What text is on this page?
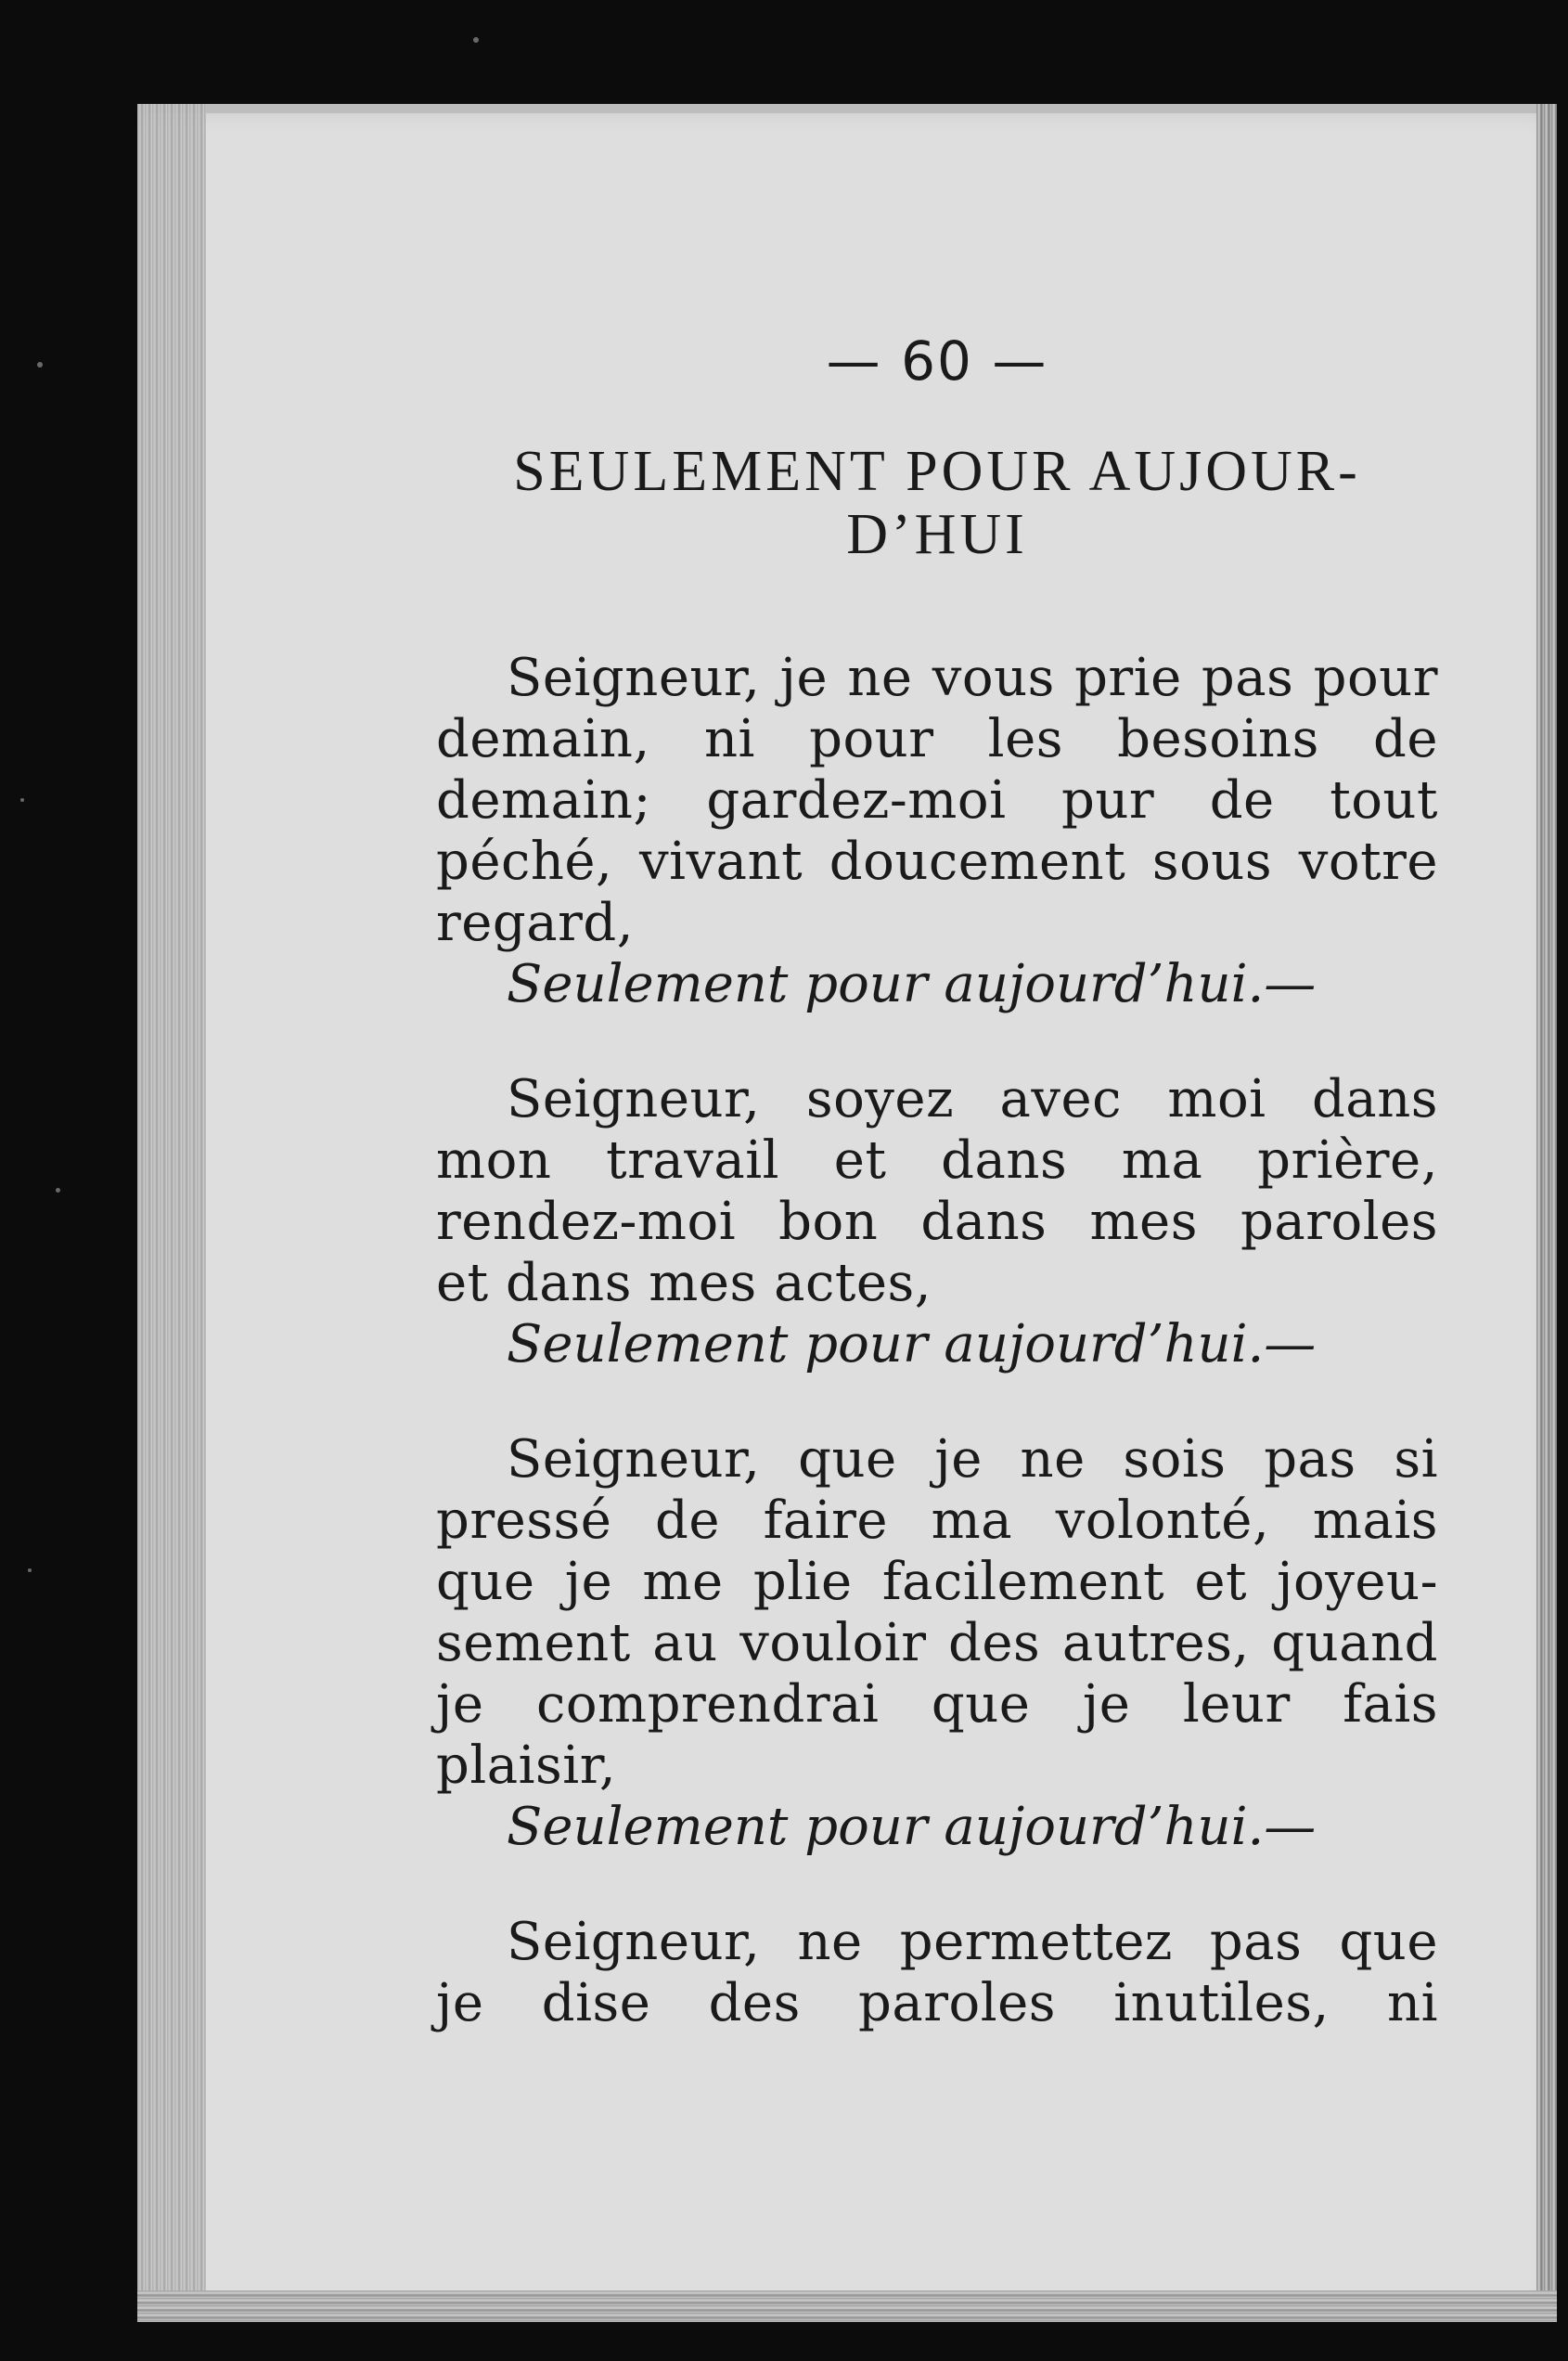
— 60 —
SEULEMENT POUR AUJOUR-
D’HUI
Seigneur, je ne vous prie pas pour
demain, ni pour les besoins de
demain; gardez-moi pur de tout
péché, vivant doucement sous votre
regard,
Seulement pour aujourd’hui.—
Seigneur, soyez avec moi dans
mon travail et dans ma prière,
rendez-moi bon dans mes paroles
et dans mes actes,
Seulement pour aujourd’hui.—
Seigneur, que je ne sois pas si
pressé de faire ma volonté, mais
que je me plie facilement et joyeu-
sement au vouloir des autres, quand
je comprendrai que je leur fais
plaisir,
Seulement pour aujourd’hui.—
Seigneur, ne permettez pas que
je dise des paroles inutiles, ni
